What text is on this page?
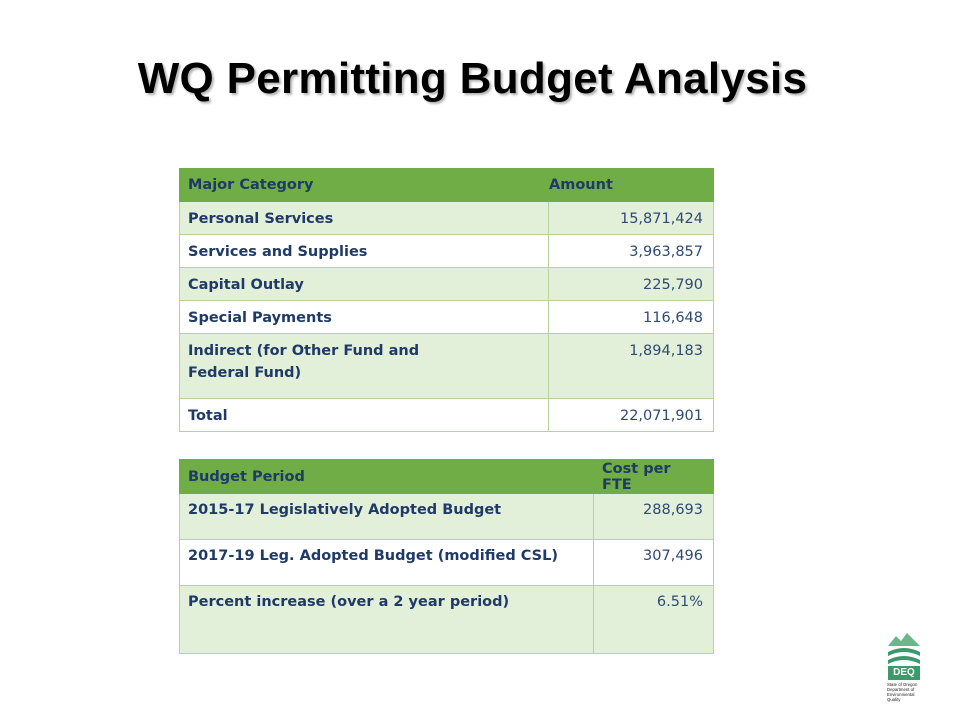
WQ Permitting Budget Analysis
Major Category	Amount

Personal Services	15,871,424

Services and Supplies	3,963,857

Capital Outlay	225,790

Special Payments	116,648

Indirect (for Other Fund and
Federal Fund)	1,894,183

Total	22,071,901
Budget Period	Cost per FTE

2015-17 Legislatively Adopted Budget	288,693

2017-19 Leg. Adopted Budget (modified CSL)	307,496

Percent increase (over a 2 year period)	6.51%
DEQ
State of Oregon
Department of
Environmental
Quality
